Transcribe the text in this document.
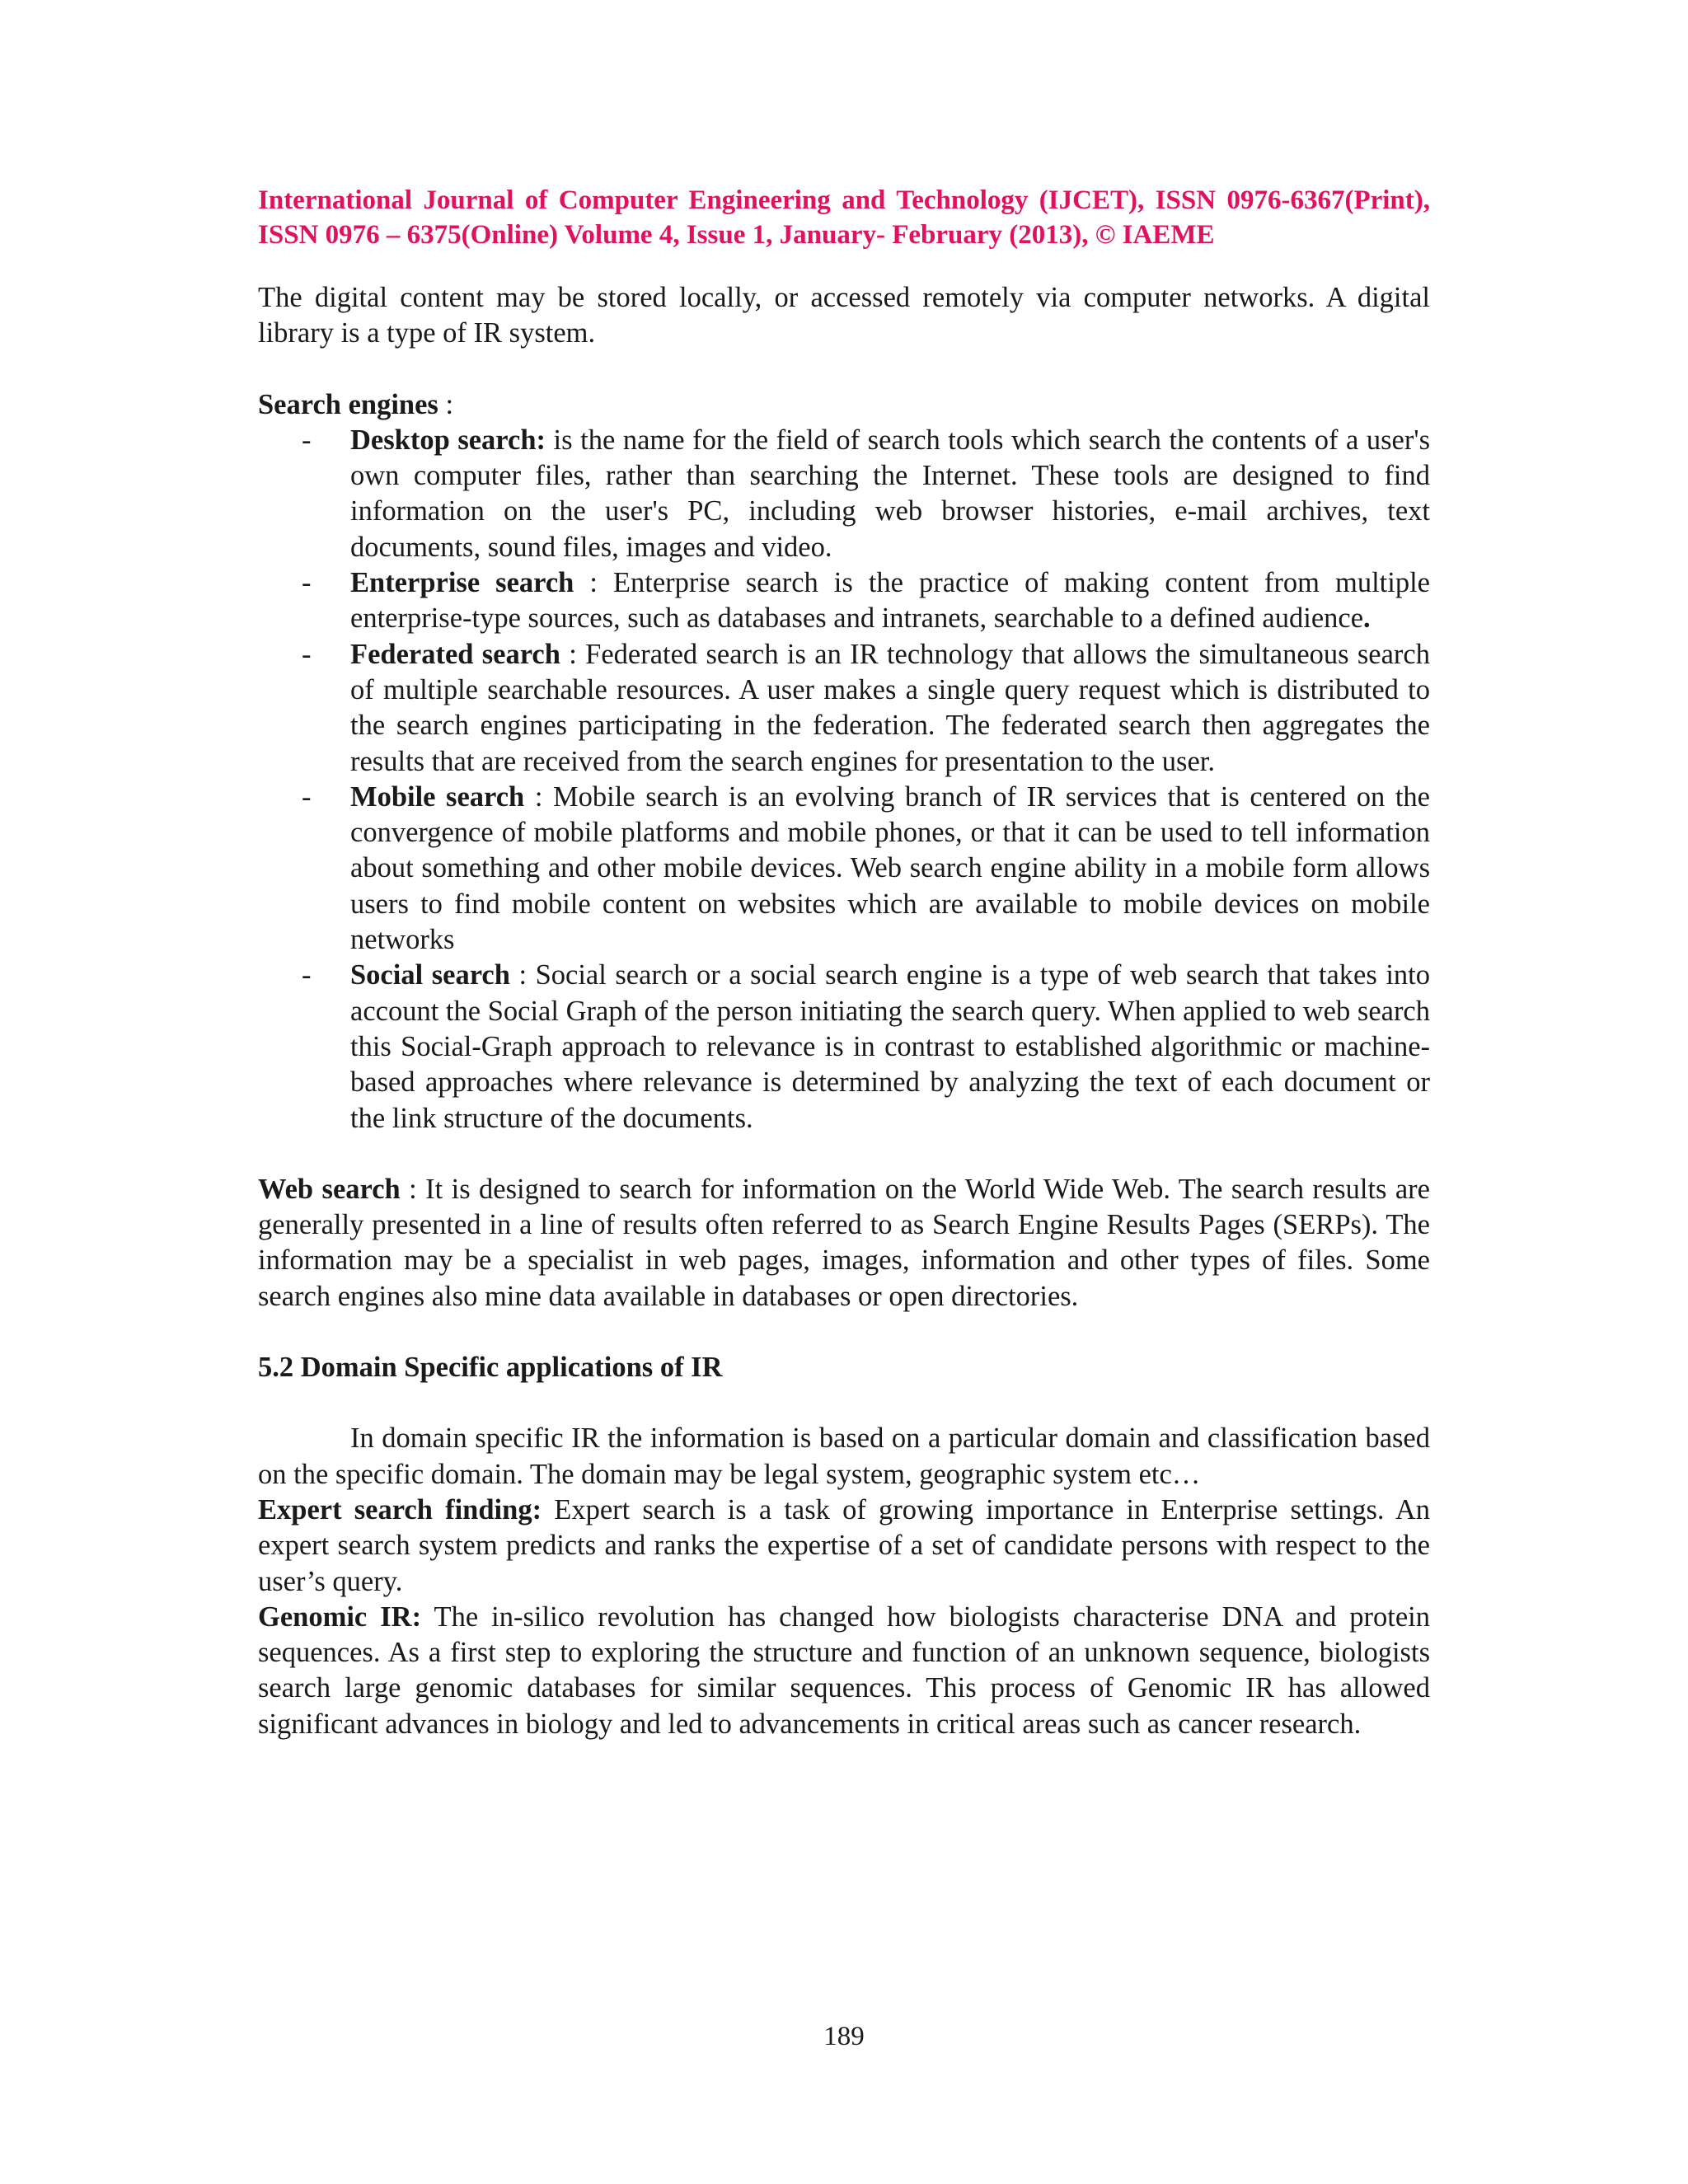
International Journal of Computer Engineering and Technology (IJCET), ISSN 0976-6367(Print), ISSN 0976 – 6375(Online) Volume 4, Issue 1, January- February (2013), © IAEME

The digital content may be stored locally, or accessed remotely via computer networks. A digital library is a type of IR system.

Search engines :

- Desktop search: is the name for the field of search tools which search the contents of a user's own computer files, rather than searching the Internet. These tools are designed to find information on the user's PC, including web browser histories, e-mail archives, text documents, sound files, images and video.
- Enterprise search : Enterprise search is the practice of making content from multiple enterprise-type sources, such as databases and intranets, searchable to a defined audience.
- Federated search : Federated search is an IR technology that allows the simultaneous search of multiple searchable resources. A user makes a single query request which is distributed to the search engines participating in the federation. The federated search then aggregates the results that are received from the search engines for presentation to the user.
- Mobile search : Mobile search is an evolving branch of IR services that is centered on the convergence of mobile platforms and mobile phones, or that it can be used to tell information about something and other mobile devices. Web search engine ability in a mobile form allows users to find mobile content on websites which are available to mobile devices on mobile networks
- Social search : Social search or a social search engine is a type of web search that takes into account the Social Graph of the person initiating the search query. When applied to web search this Social-Graph approach to relevance is in contrast to established algorithmic or machine-based approaches where relevance is determined by analyzing the text of each document or the link structure of the documents.

Web search : It is designed to search for information on the World Wide Web. The search results are generally presented in a line of results often referred to as Search Engine Results Pages (SERPs). The information may be a specialist in web pages, images, information and other types of files. Some search engines also mine data available in databases or open directories.

5.2 Domain Specific applications of IR

In domain specific IR the information is based on a particular domain and classification based on the specific domain. The domain may be legal system, geographic system etc…

Expert search finding: Expert search is a task of growing importance in Enterprise settings. An expert search system predicts and ranks the expertise of a set of candidate persons with respect to the user’s query.

Genomic IR: The in-silico revolution has changed how biologists characterise DNA and protein sequences. As a first step to exploring the structure and function of an unknown sequence, biologists search large genomic databases for similar sequences. This process of Genomic IR has allowed significant advances in biology and led to advancements in critical areas such as cancer research.

189
